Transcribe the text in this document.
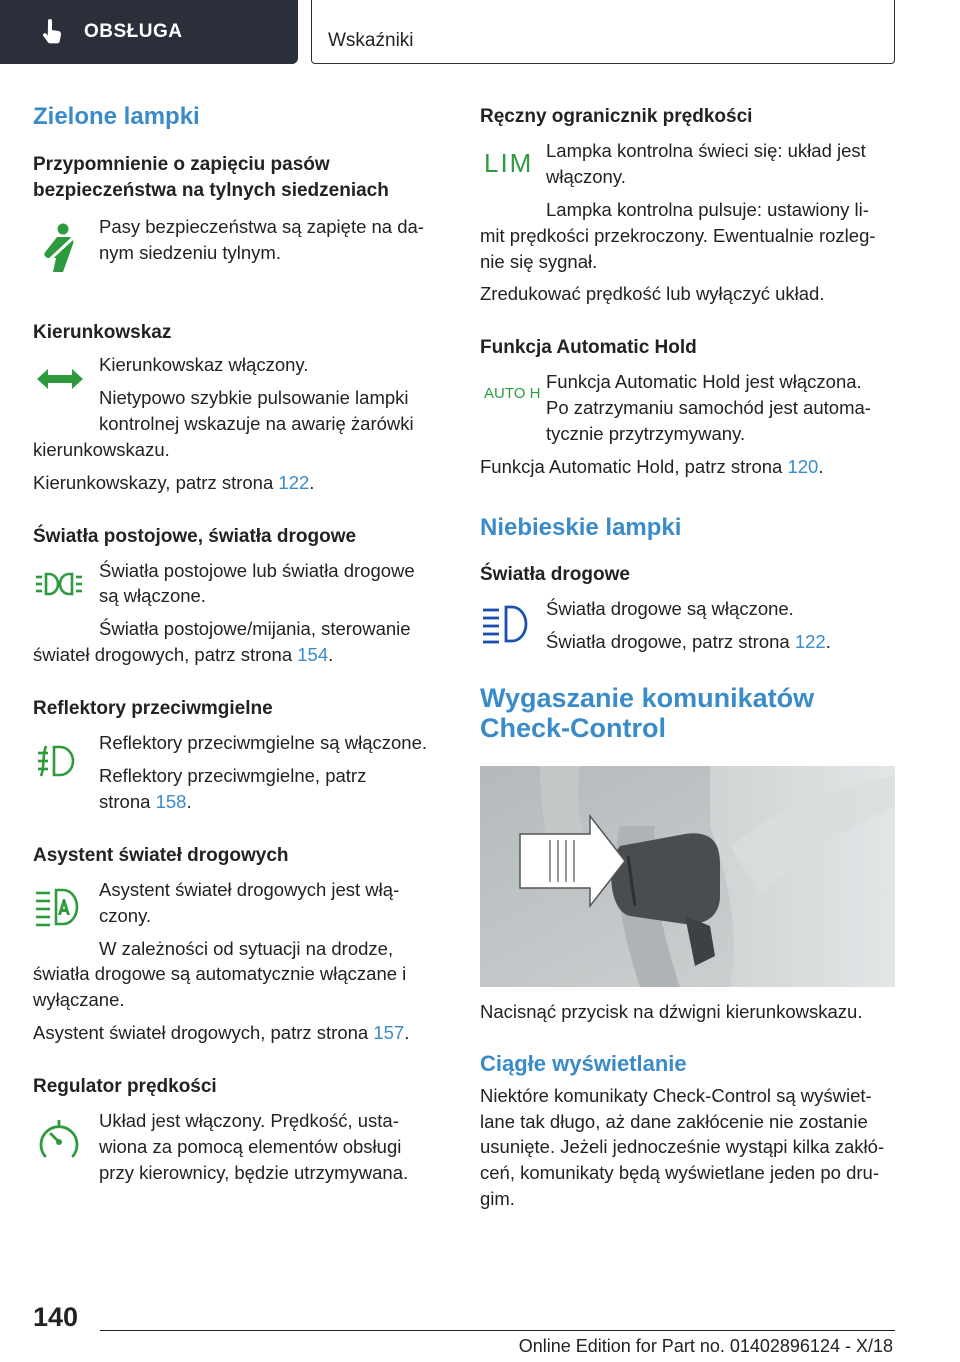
OBSŁUGA	Wskaźniki
Zielone lampki
Przypomnienie o zapięciu pasów
bezpieczeństwa na tylnych siedzeniach

Pasy bezpieczeństwa są zapięte na da-
nym siedzeniu tylnym.

Kierunkowskaz

Kierunkowskaz włączony.

Nietypowo szybkie pulsowanie lampki
kontrolnej wskazuje na awarię żarówki

kierunkowskazu.

Kierunkowskazy, patrz strona 122.

Światła postojowe, światła drogowe

Światła postojowe lub światła drogowe
są włączone.

Światła postojowe/mijania, sterowanie

świateł drogowych, patrz strona 154.

Reflektory przeciwmgielne

Reflektory przeciwmgielne są włączone.

Reflektory przeciwmgielne, patrz
strona 158.

Asystent świateł drogowych

Asystent świateł drogowych jest włą-
czony.

W zależności od sytuacji na drodze,

światła drogowe są automatycznie włączane i
wyłączane.

Asystent świateł drogowych, patrz strona 157.

Regulator prędkości

Układ jest włączony. Prędkość, usta-
wiona za pomocą elementów obsługi
przy kierownicy, będzie utrzymywana.

Ręczny ogranicznik prędkości
LIM Lampka kontrolna świeci się: układ jest
włączony.

Lampka kontrolna pulsuje: ustawiony li-

mit prędkości przekroczony. Ewentualnie rozleg-
nie się sygnał.

Zredukować prędkość lub wyłączyć układ.

Funkcja Automatic Hold
AUTO H

Funkcja Automatic Hold jest włączona.
Po zatrzymaniu samochód jest automa-
tycznie przytrzymywany.

Funkcja Automatic Hold, patrz strona 120.

Niebieskie lampki
Światła drogowe

Światła drogowe są włączone.

Światła drogowe, patrz strona 122.

Wygaszanie komunikatów
Check-Control

Nacisnąć przycisk na dźwigni kierunkowskazu.

Ciągłe wyświetlanie

Niektóre komunikaty Check-Control są wyświet-
lane tak długo, aż dane zakłócenie nie zostanie
usunięte. Jeżeli jednocześnie wystąpi kilka zakłó-
ceń, komunikaty będą wyświetlane jeden po dru-
gim.

140
Online Edition for Part no. 01402896124 - X/18
